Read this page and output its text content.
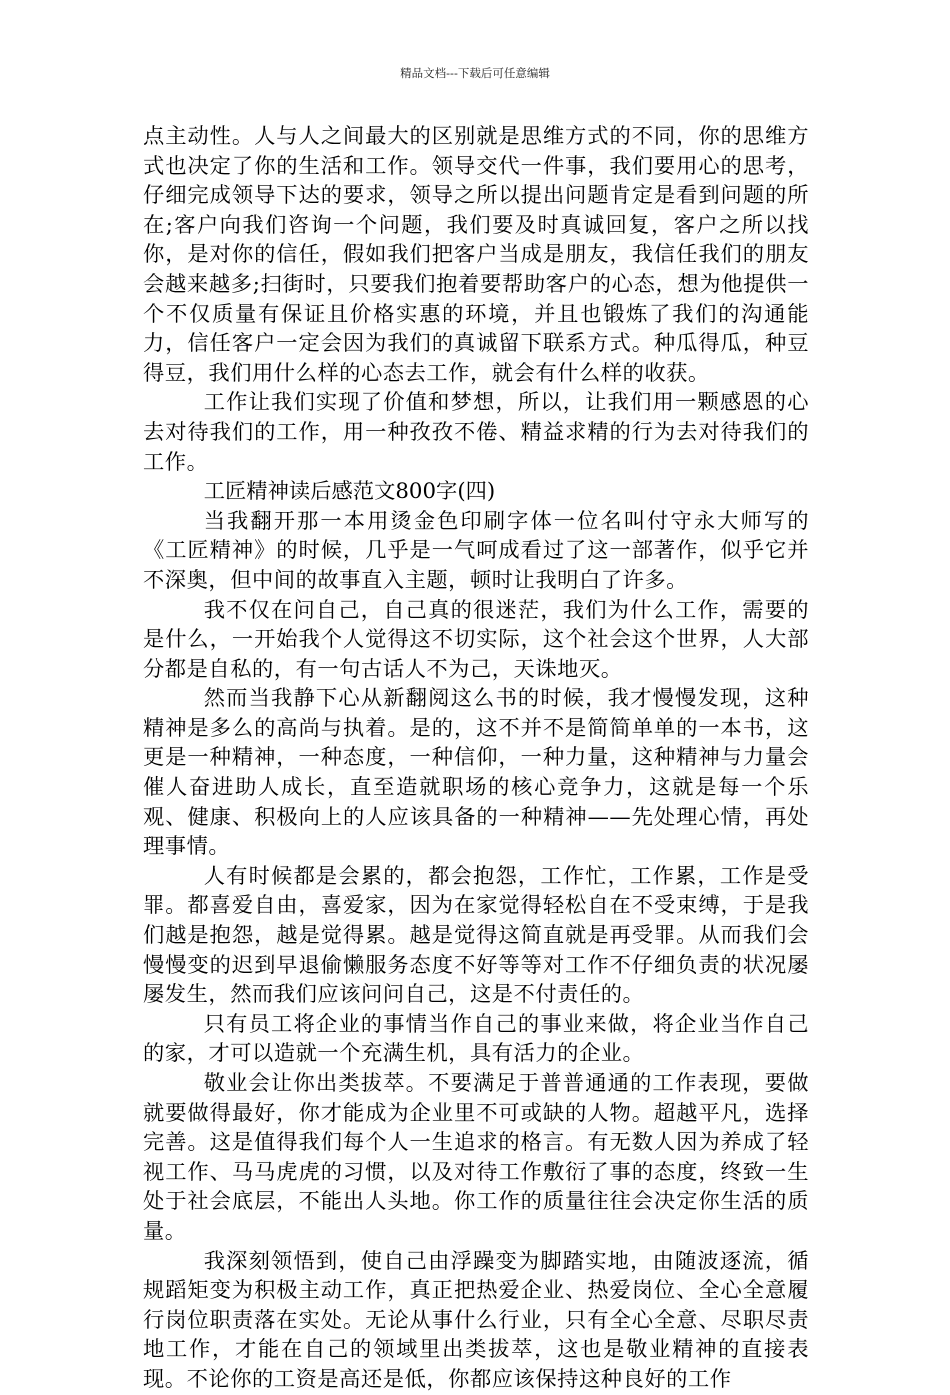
精品文档---下载后可任意编辑

点主动性。人与人之间最大的区别就是思维方式的不同，你的思维方式也决定了你的生活和工作。领导交代一件事，我们要用心的思考，仔细完成领导下达的要求，领导之所以提出问题肯定是看到问题的所在;客户向我们咨询一个问题，我们要及时真诚回复，客户之所以找你，是对你的信任，假如我们把客户当成是朋友，我信任我们的朋友会越来越多;扫街时，只要我们抱着要帮助客户的心态，想为他提供一个不仅质量有保证且价格实惠的环境，并且也锻炼了我们的沟通能力，信任客户一定会因为我们的真诚留下联系方式。种瓜得瓜，种豆得豆，我们用什么样的心态去工作，就会有什么样的收获。

工作让我们实现了价值和梦想，所以，让我们用一颗感恩的心去对待我们的工作，用一种孜孜不倦、精益求精的行为去对待我们的工作。

工匠精神读后感范文800字(四)

当我翻开那一本用烫金色印刷字体一位名叫付守永大师写的《工匠精神》的时候，几乎是一气呵成看过了这一部著作，似乎它并不深奥，但中间的故事直入主题，顿时让我明白了许多。

我不仅在问自己，自己真的很迷茫，我们为什么工作，需要的是什么，一开始我个人觉得这不切实际，这个社会这个世界，人大部分都是自私的，有一句古话人不为己，天诛地灭。

然而当我静下心从新翻阅这么书的时候，我才慢慢发现，这种精神是多么的高尚与执着。是的，这不并不是简简单单的一本书，这更是一种精神，一种态度，一种信仰，一种力量，这种精神与力量会催人奋进助人成长，直至造就职场的核心竞争力，这就是每一个乐观、健康、积极向上的人应该具备的一种精神——先处理心情，再处理事情。

人有时候都是会累的，都会抱怨，工作忙，工作累，工作是受罪。都喜爱自由，喜爱家，因为在家觉得轻松自在不受束缚，于是我们越是抱怨，越是觉得累。越是觉得这简直就是再受罪。从而我们会慢慢变的迟到早退偷懒服务态度不好等等对工作不仔细负责的状况屡屡发生，然而我们应该问问自己，这是不付责任的。

只有员工将企业的事情当作自己的事业来做，将企业当作自己的家，才可以造就一个充满生机，具有活力的企业。

敬业会让你出类拔萃。不要满足于普普通通的工作表现，要做就要做得最好，你才能成为企业里不可或缺的人物。超越平凡，选择完善。这是值得我们每个人一生追求的格言。有无数人因为养成了轻视工作、马马虎虎的习惯，以及对待工作敷衍了事的态度，终致一生处于社会底层，不能出人头地。你工作的质量往往会决定你生活的质量。

我深刻领悟到，使自己由浮躁变为脚踏实地，由随波逐流，循规蹈矩变为积极主动工作，真正把热爱企业、热爱岗位、全心全意履行岗位职责落在实处。无论从事什么行业，只有全心全意、尽职尽责地工作，才能在自己的领域里出类拔萃，这也是敬业精神的直接表现。不论你的工资是高还是低，你都应该保持这种良好的工作
